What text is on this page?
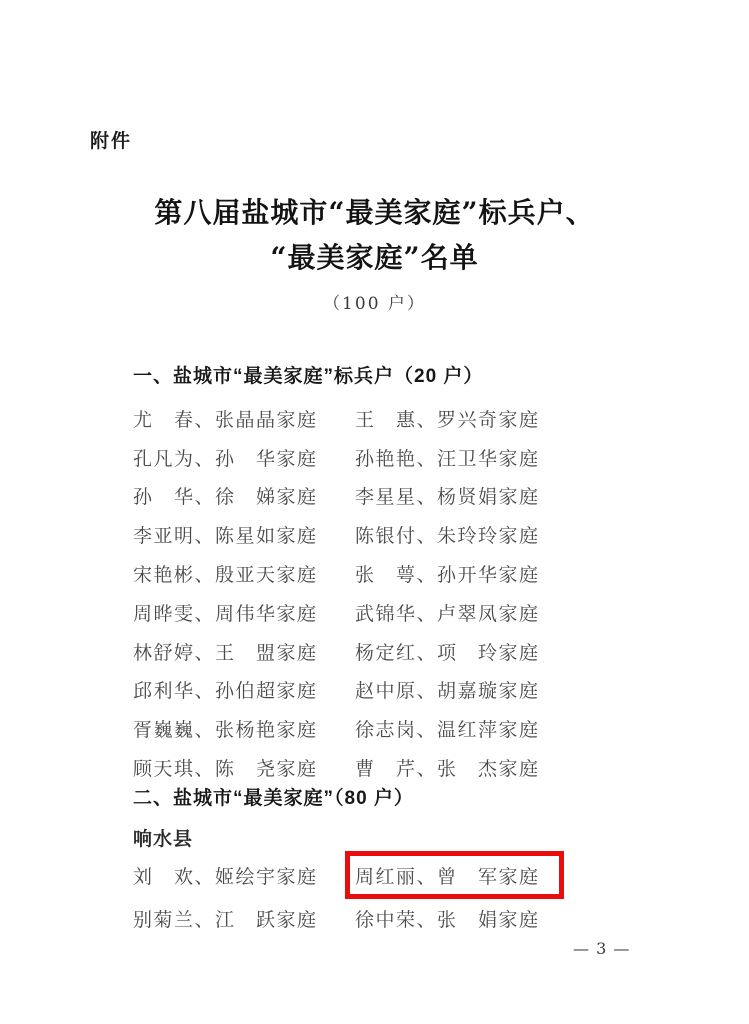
附件
第八届盐城市“最美家庭”标兵户、
“最美家庭”名单
（100 户）
一、盐城市“最美家庭”标兵户（20 户）
尤　春、张晶晶家庭	王　惠、罗兴奇家庭
孔凡为、孙　华家庭	孙艳艳、汪卫华家庭
孙　华、徐　娣家庭	李星星、杨贤娟家庭
李亚明、陈星如家庭	陈银付、朱玲玲家庭
宋艳彬、殷亚天家庭	张　萼、孙开华家庭
周晔雯、周伟华家庭	武锦华、卢翠凤家庭
林舒婷、王　盟家庭	杨定红、项　玲家庭
邱利华、孙伯超家庭	赵中原、胡嘉璇家庭
胥巍巍、张杨艳家庭	徐志岗、温红萍家庭
顾天琪、陈　尧家庭	曹　芹、张　杰家庭
二、盐城市“最美家庭”（80 户）
响水县
刘　欢、姬绘宇家庭	周红丽、曾　军家庭
别菊兰、江　跃家庭	徐中荣、张　娟家庭
— 3 —
